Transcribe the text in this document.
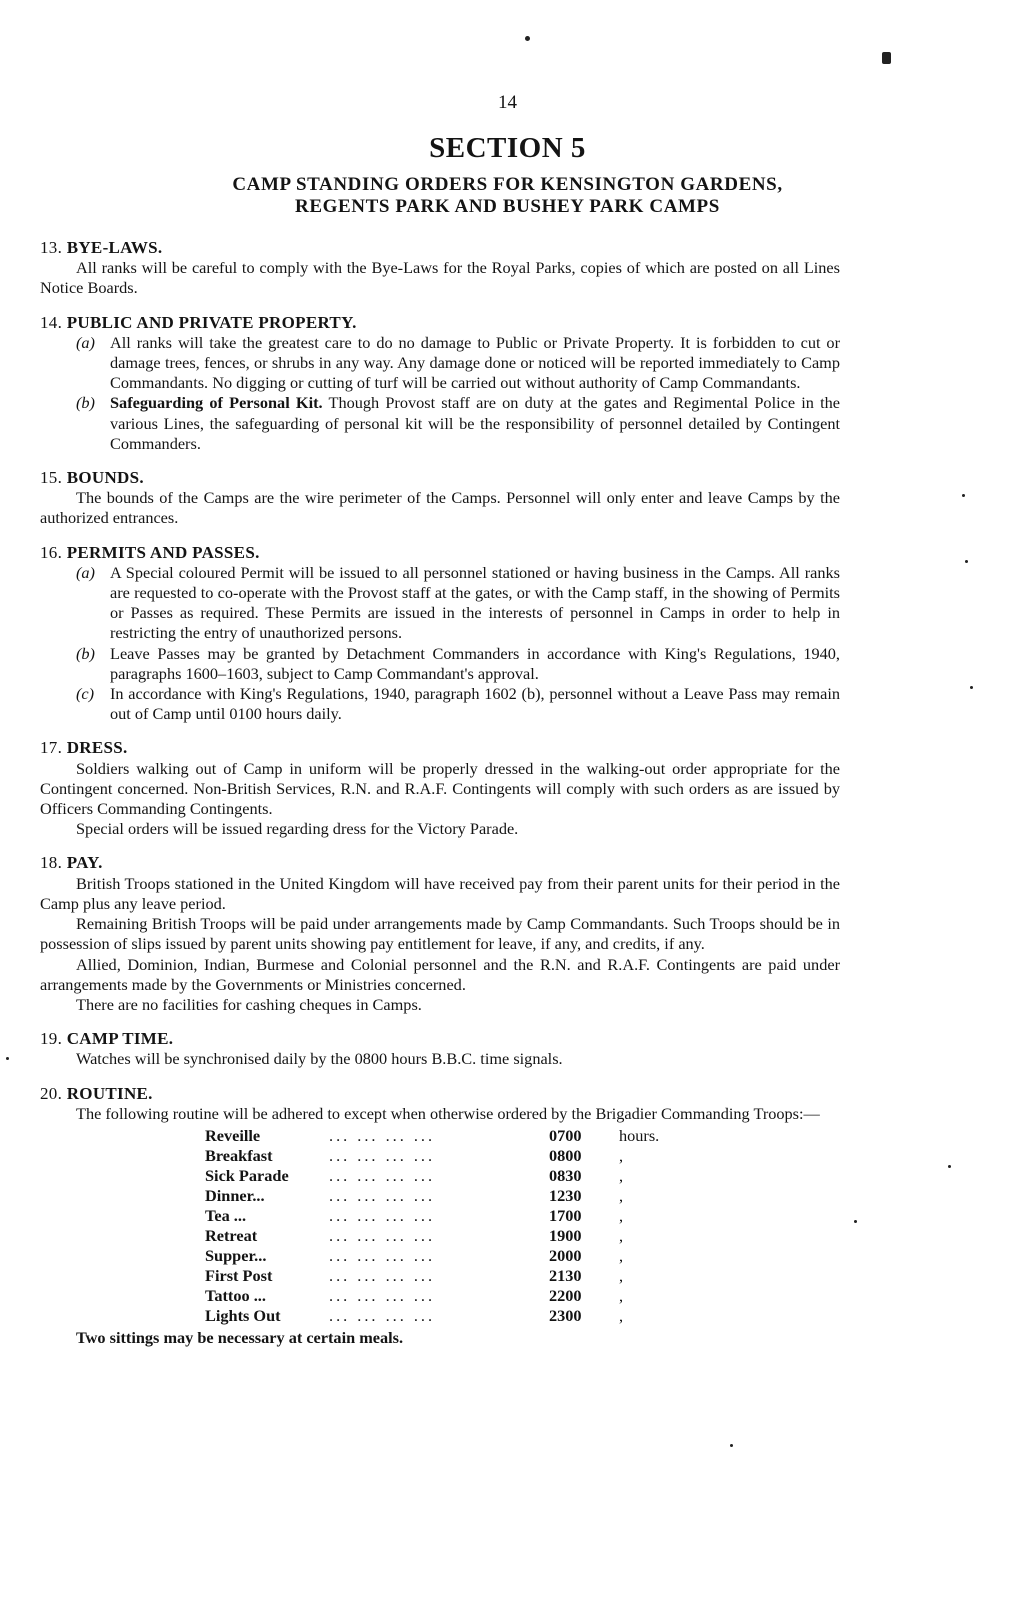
14
SECTION 5
CAMP STANDING ORDERS FOR KENSINGTON GARDENS,
REGENTS PARK AND BUSHEY PARK CAMPS
13. BYE-LAWS.

All ranks will be careful to comply with the Bye-Laws for the Royal Parks, copies of which are posted on all Lines Notice Boards.

14. PUBLIC AND PRIVATE PROPERTY.
(a) All ranks will take the greatest care to do no damage to Public or Private Property. It is forbidden to cut or damage trees, fences, or shrubs in any way. Any damage done or noticed will be reported immediately to Camp Commandants. No digging or cutting of turf will be carried out without authority of Camp Commandants.
(b) Safeguarding of Personal Kit. Though Provost staff are on duty at the gates and Regimental Police in the various Lines, the safeguarding of personal kit will be the responsibility of personnel detailed by Contingent Commanders.
15. BOUNDS.

The bounds of the Camps are the wire perimeter of the Camps. Personnel will only enter and leave Camps by the authorized entrances.

16. PERMITS AND PASSES.
(a) A Special coloured Permit will be issued to all personnel stationed or having business in the Camps. All ranks are requested to co-operate with the Provost staff at the gates, or with the Camp staff, in the showing of Permits or Passes as required. These Permits are issued in the interests of personnel in Camps in order to help in restricting the entry of unauthorized persons.
(b) Leave Passes may be granted by Detachment Commanders in accordance with King's Regulations, 1940, paragraphs 1600–1603, subject to Camp Commandant's approval.
(c) In accordance with King's Regulations, 1940, paragraph 1602 (b), personnel without a Leave Pass may remain out of Camp until 0100 hours daily.
17. DRESS.

Soldiers walking out of Camp in uniform will be properly dressed in the walking-out order appropriate for the Contingent concerned. Non-British Services, R.N. and R.A.F. Contingents will comply with such orders as are issued by Officers Commanding Contingents.

Special orders will be issued regarding dress for the Victory Parade.

18. PAY.

British Troops stationed in the United Kingdom will have received pay from their parent units for their period in the Camp plus any leave period.

Remaining British Troops will be paid under arrangements made by Camp Commandants. Such Troops should be in possession of slips issued by parent units showing pay entitlement for leave, if any, and credits, if any.

Allied, Dominion, Indian, Burmese and Colonial personnel and the R.N. and R.A.F. Contingents are paid under arrangements made by the Governments or Ministries concerned.

There are no facilities for cashing cheques in Camps.

19. CAMP TIME.

Watches will be synchronised daily by the 0800 hours B.B.C. time signals.

20. ROUTINE.

The following routine will be adhered to except when otherwise ordered by the Brigadier Commanding Troops:—

Reveille	... ... ... ...	0700	hours.
Breakfast	... ... ... ...	0800	,
Sick Parade	... ... ... ...	0830	,
Dinner...	... ... ... ...	1230	,
Tea ...	... ... ... ...	1700	,
Retreat	... ... ... ...	1900	,
Supper...	... ... ... ...	2000	,
First Post	... ... ... ...	2130	,
Tattoo ...	... ... ... ...	2200	,
Lights Out	... ... ... ...	2300	,
Two sittings may be necessary at certain meals.
